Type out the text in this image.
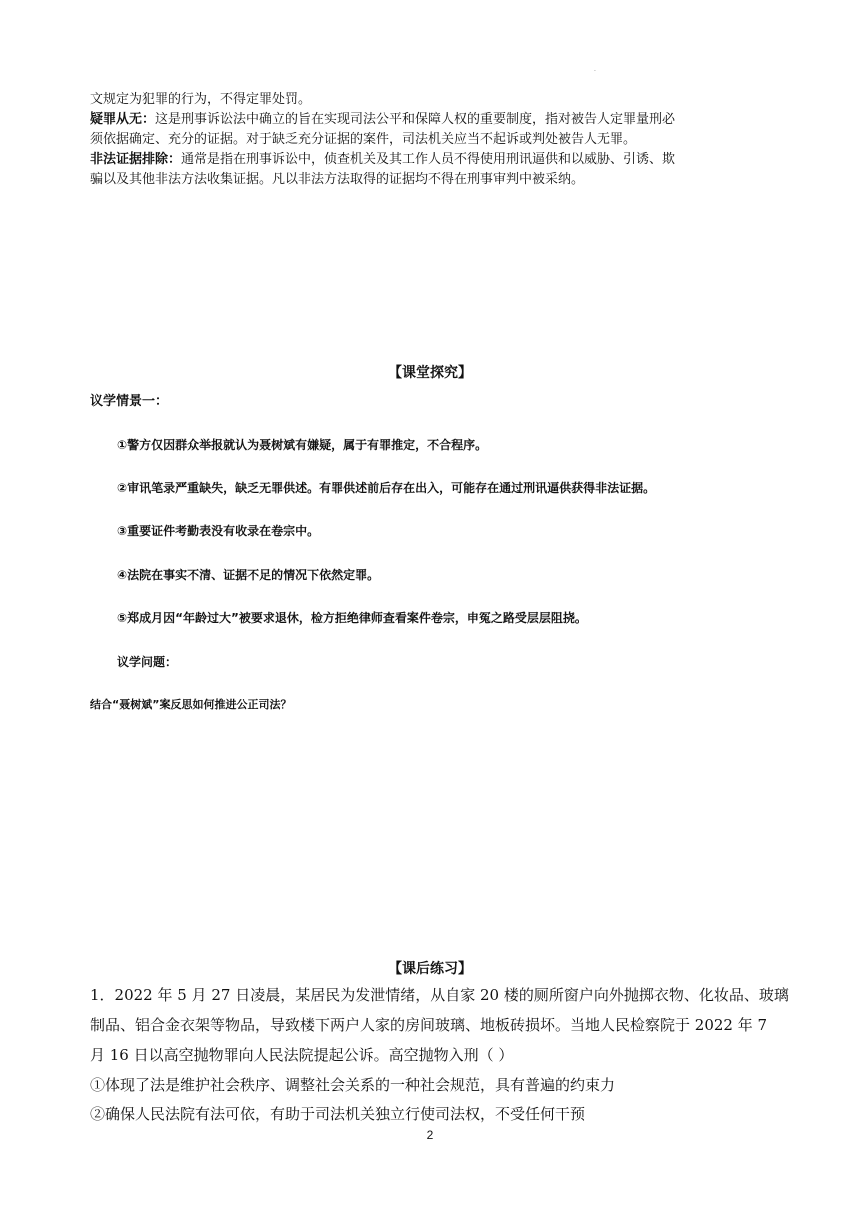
.
文规定为犯罪的行为，不得定罪处罚。
疑罪从无：这是刑事诉讼法中确立的旨在实现司法公平和保障人权的重要制度，指对被告人定罪量刑必
须依据确定、充分的证据。对于缺乏充分证据的案件，司法机关应当不起诉或判处被告人无罪。
非法证据排除：通常是指在刑事诉讼中，侦查机关及其工作人员不得使用刑讯逼供和以威胁、引诱、欺
骗以及其他非法方法收集证据。凡以非法方法取得的证据均不得在刑事审判中被采纳。
【课堂探究】
议学情景一：
①警方仅因群众举报就认为聂树斌有嫌疑，属于有罪推定，不合程序。
②审讯笔录严重缺失，缺乏无罪供述。有罪供述前后存在出入，可能存在通过刑讯逼供获得非法证据。
③重要证件考勤表没有收录在卷宗中。
④法院在事实不清、证据不足的情况下依然定罪。
⑤郑成月因“年龄过大”被要求退休，检方拒绝律师查看案件卷宗，申冤之路受层层阻挠。
议学问题：
结合“聂树斌”案反思如何推进公正司法？
【课后练习】
1．2022 年 5 月 27 日凌晨，某居民为发泄情绪，从自家 20 楼的厕所窗户向外抛掷衣物、化妆品、玻璃
制品、铝合金衣架等物品，导致楼下两户人家的房间玻璃、地板砖损坏。当地人民检察院于 2022 年 7
月 16 日以高空抛物罪向人民法院提起公诉。高空抛物入刑（ ）
①体现了法是维护社会秩序、调整社会关系的一种社会规范，具有普遍的约束力
②确保人民法院有法可依，有助于司法机关独立行使司法权，不受任何干预
2
